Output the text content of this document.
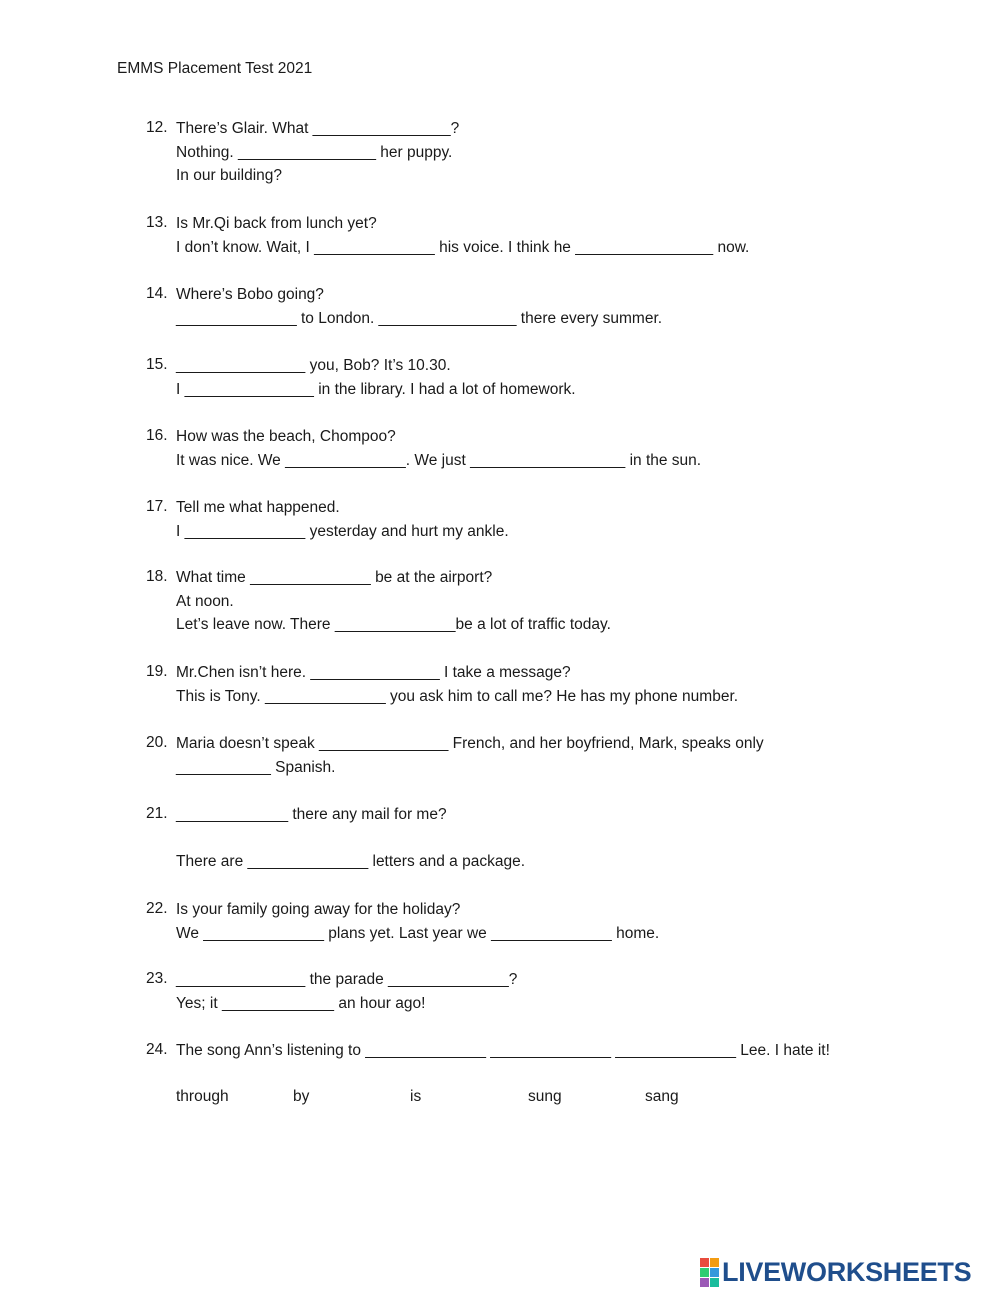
EMMS Placement Test 2021
12. There’s Glair. What ________________?
Nothing. ________________ her puppy.
In our building?
13. Is Mr.Qi back from lunch yet?
I don’t know. Wait, I ______________ his voice. I think he ________________ now.
14. Where’s Bobo going?
______________ to London. ________________ there every summer.
15. _______________ you, Bob? It’s 10.30.
I _______________ in the library. I had a lot of homework.
16. How was the beach, Chompoo?
It was nice. We ______________. We just __________________ in the sun.
17. Tell me what happened.
I ______________ yesterday and hurt my ankle.
18. What time ______________ be at the airport?
At noon.
Let’s leave now. There ______________be a lot of traffic today.
19. Mr.Chen isn’t here. _______________ I take a message?
This is Tony. ______________ you ask him to call me? He has my phone number.
20. Maria doesn’t speak _______________ French, and her boyfriend, Mark, speaks only
___________ Spanish.
21. _____________ there any mail for me?
There are ______________ letters and a package.
22. Is your family going away for the holiday?
We ______________ plans yet. Last year we ______________ home.
23. _______________ the parade ______________?
Yes; it _____________ an hour ago!
24. The song Ann’s listening to ______________ ______________ ______________ Lee. I hate it!
through	by	is	sung	sang
LIVEWORKSHEETS
